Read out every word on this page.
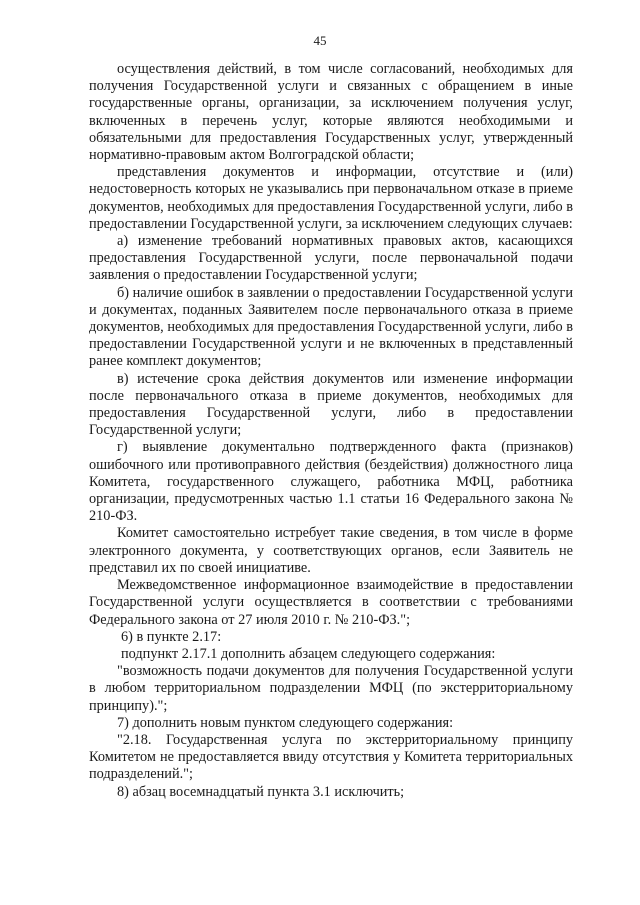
45

осуществления действий, в том числе согласований, необходимых для получения Государственной услуги и связанных с обращением в иные государственные органы, организации, за исключением получения услуг, включенных в перечень услуг, которые являются необходимыми и обязательными для предоставления Государственных услуг, утвержденный нормативно-правовым актом Волгоградской области;

представления документов и информации, отсутствие и (или) недостоверность которых не указывались при первоначальном отказе в приеме документов, необходимых для предоставления Государственной услуги, либо в предоставлении Государственной услуги, за исключением следующих случаев:

а) изменение требований нормативных правовых актов, касающихся предоставления Государственной услуги, после первоначальной подачи заявления о предоставлении Государственной услуги;

б) наличие ошибок в заявлении о предоставлении Государственной услуги и документах, поданных Заявителем после первоначального отказа в приеме документов, необходимых для предоставления Государственной услуги, либо в предоставлении Государственной услуги и не включенных в представленный ранее комплект документов;

в) истечение срока действия документов или изменение информации после первоначального отказа в приеме документов, необходимых для предоставления Государственной услуги, либо в предоставлении Государственной услуги;

г) выявление документально подтвержденного факта (признаков) ошибочного или противоправного действия (бездействия) должностного лица Комитета, государственного служащего, работника МФЦ, работника организации, предусмотренных частью 1.1 статьи 16 Федерального закона № 210-ФЗ.

Комитет самостоятельно истребует такие сведения, в том числе в форме электронного документа, у соответствующих органов, если Заявитель не представил их по своей инициативе.

Межведомственное информационное взаимодействие в предоставлении Государственной услуги осуществляется в соответствии с требованиями Федерального закона от 27 июля 2010 г. № 210-ФЗ.";

6) в пункте 2.17:

подпункт 2.17.1 дополнить абзацем следующего содержания:

"возможность подачи документов для получения Государственной услуги в любом территориальном подразделении МФЦ (по экстерриториальному принципу).";

7) дополнить новым пунктом следующего содержания:

"2.18. Государственная услуга по экстерриториальному принципу Комитетом не предоставляется ввиду отсутствия у Комитета территориальных подразделений.";

8) абзац восемнадцатый пункта 3.1 исключить;
